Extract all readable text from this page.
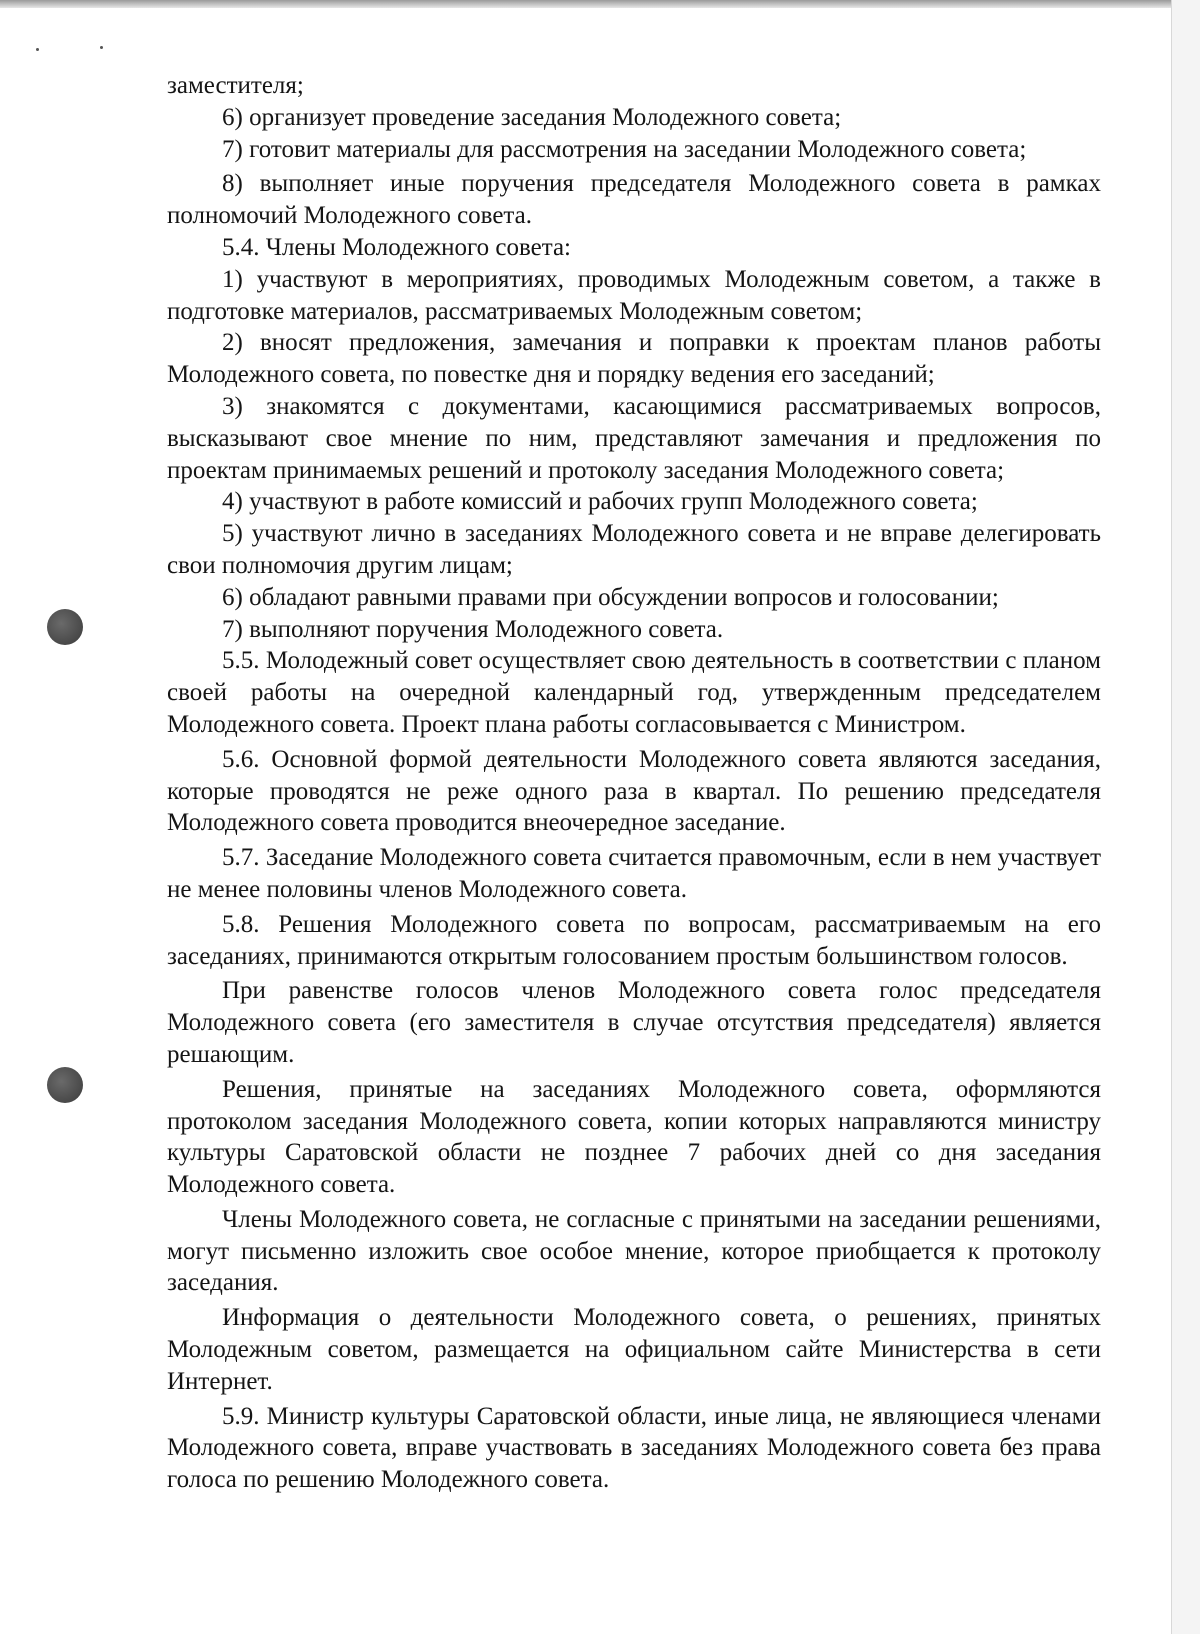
заместителя;

6) организует проведение заседания Молодежного совета;

7) готовит материалы для рассмотрения на заседании Молодежного совета;

8) выполняет иные поручения председателя Молодежного совета в рамках полномочий Молодежного совета.

5.4. Члены Молодежного совета:

1) участвуют в мероприятиях, проводимых Молодежным советом, а также в подготовке материалов, рассматриваемых Молодежным советом;

2) вносят предложения, замечания и поправки к проектам планов работы Молодежного совета, по повестке дня и порядку ведения его заседаний;

3) знакомятся с документами, касающимися рассматриваемых вопросов, высказывают свое мнение по ним, представляют замечания и предложения по проектам принимаемых решений и протоколу заседания Молодежного совета;

4) участвуют в работе комиссий и рабочих групп Молодежного совета;

5) участвуют лично в заседаниях Молодежного совета и не вправе делегировать свои полномочия другим лицам;

6) обладают равными правами при обсуждении вопросов и голосовании;

7) выполняют поручения Молодежного совета.

5.5. Молодежный совет осуществляет свою деятельность в соответствии с планом своей работы на очередной календарный год, утвержденным председателем Молодежного совета. Проект плана работы согласовывается с Министром.

5.6. Основной формой деятельности Молодежного совета являются заседания, которые проводятся не реже одного раза в квартал. По решению председателя Молодежного совета проводится внеочередное заседание.

5.7. Заседание Молодежного совета считается правомочным, если в нем участвует не менее половины членов Молодежного совета.

5.8. Решения Молодежного совета по вопросам, рассматриваемым на его заседаниях, принимаются открытым голосованием простым большинством голосов.

При равенстве голосов членов Молодежного совета голос председателя Молодежного совета (его заместителя в случае отсутствия председателя) является решающим.

Решения, принятые на заседаниях Молодежного совета, оформляются протоколом заседания Молодежного совета, копии которых направляются министру культуры Саратовской области не позднее 7 рабочих дней со дня заседания Молодежного совета.

Члены Молодежного совета, не согласные с принятыми на заседании решениями, могут письменно изложить свое особое мнение, которое приобщается к протоколу заседания.

Информация о деятельности Молодежного совета, о решениях, принятых Молодежным советом, размещается на официальном сайте Министерства в сети Интернет.

5.9. Министр культуры Саратовской области, иные лица, не являющиеся членами Молодежного совета, вправе участвовать в заседаниях Молодежного совета без права голоса по решению Молодежного совета.
